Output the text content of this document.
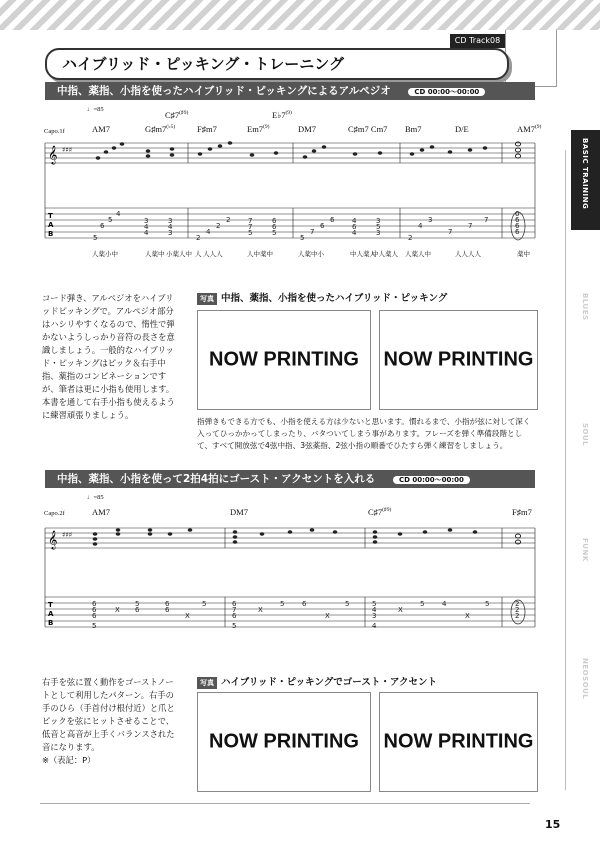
CD Track08
ハイブリッド・ピッキング・トレーニング
BASIC TRAINING
BLUES
SOUL
FUNK
NEOSOUL
中指、薬指、小指を使ったハイブリッド・ピッキングによるアルペジオ	CD 00:00～00:00
♩=85
Capo.1f	AM7	$G♯m7^{(♭5)}$
$C♯7^{(♯9)}$
F♯m7	Em7$^{(9)}$
E♭7$^{(9)}$
DM7	C♯m7 Cm7 Bm7	D/E	AM7$^{(9)}$
𝄞 ♯♯♯
T
A
B	5
6
5
4
3
4
4
3
4
3
2
4
2
2	7
7
5
6
6
5
5
7
6
6	4
6
4
3
5
3
2
4
3
7
7
7
0
6
6
6
人薬小中	人薬中 小薬人中 人 人人人	人中薬中	人薬中小	中人薬人
中人薬人 人薬人中	人人人人	薬中
コード弾き、アルペジオをハイブリッドピッキングで。アルペジオ部分はハシリやすくなるので、惰性で弾かないようしっかり音符の長さを意識しましょう。一般的なハイブリッド・ピッキングはピック＆右手中指、薬指のコンビネーションですが、筆者は更に小指も使用します。本書を通して右手小指も使えるように練習頑張りましょう。
写真 中指、薬指、小指を使ったハイブリッド・ピッキング
NOW PRINTING	NOW PRINTING
指弾きもできる方でも、小指を使える方は少ないと思います。慣れるまで、小指が弦に対して深く入ってひっかかってしまったり、バタついてしまう事があります。フレーズを弾く準備段階として、すべて開放弦で4弦中指、3弦薬指、2弦小指の順番でひたすら弾く練習をしましょう。
中指、薬指、小指を使って2拍4拍にゴースト・アクセントを入れる	CD 00:00～00:00
♩=85
Capo.2f	AM7	DM7	$C♯7^{(♯9)}$	F♯m7
𝄞 ♯♯♯
T
A
B
6
6
6
5
X
5
6
6
6
X
5	6
7
6
5
X
5	6
X
5	5
4
3
4
X
5	4
X
5	2
2
2
右手を弦に置く動作をゴーストノートとして利用したパターン。右手の手のひら（手首付け根付近）と爪とピックを弦にヒットさせることで、低音と高音が上手くバランスされた音になります。
※（表記：P）
写真 ハイブリッド・ピッキングでゴースト・アクセント
NOW PRINTING	NOW PRINTING
15
